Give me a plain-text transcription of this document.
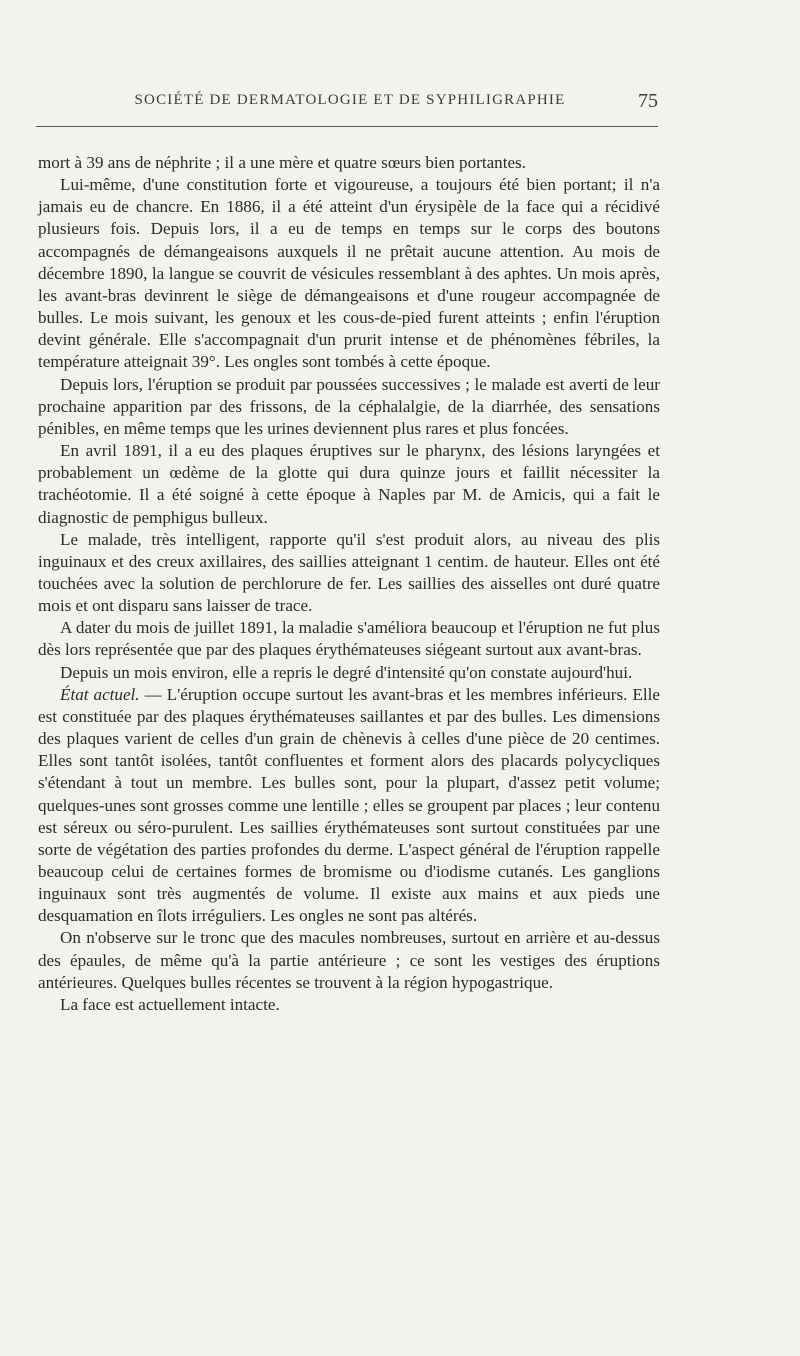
SOCIÉTÉ DE DERMATOLOGIE ET DE SYPHILIGRAPHIE	75

mort à 39 ans de néphrite ; il a une mère et quatre sœurs bien portantes.

Lui-même, d'une constitution forte et vigoureuse, a toujours été bien portant; il n'a jamais eu de chancre. En 1886, il a été atteint d'un érysipèle de la face qui a récidivé plusieurs fois. Depuis lors, il a eu de temps en temps sur le corps des boutons accompagnés de démangeaisons auxquels il ne prêtait aucune attention. Au mois de décembre 1890, la langue se couvrit de vésicules ressemblant à des aphtes. Un mois après, les avant-bras devinrent le siège de démangeaisons et d'une rougeur accompagnée de bulles. Le mois suivant, les genoux et les cous-de-pied furent atteints ; enfin l'éruption devint générale. Elle s'accompagnait d'un prurit intense et de phénomènes fébriles, la température atteignait 39°. Les ongles sont tombés à cette époque.

Depuis lors, l'éruption se produit par poussées successives ; le malade est averti de leur prochaine apparition par des frissons, de la céphalalgie, de la diarrhée, des sensations pénibles, en même temps que les urines deviennent plus rares et plus foncées.

En avril 1891, il a eu des plaques éruptives sur le pharynx, des lésions laryngées et probablement un œdème de la glotte qui dura quinze jours et faillit nécessiter la trachéotomie. Il a été soigné à cette époque à Naples par M. de Amicis, qui a fait le diagnostic de pemphigus bulleux.

Le malade, très intelligent, rapporte qu'il s'est produit alors, au niveau des plis inguinaux et des creux axillaires, des saillies atteignant 1 centim. de hauteur. Elles ont été touchées avec la solution de perchlorure de fer. Les saillies des aisselles ont duré quatre mois et ont disparu sans laisser de trace.

A dater du mois de juillet 1891, la maladie s'améliora beaucoup et l'éruption ne fut plus dès lors représentée que par des plaques érythémateuses siégeant surtout aux avant-bras.

Depuis un mois environ, elle a repris le degré d'intensité qu'on constate aujourd'hui.

État actuel. — L'éruption occupe surtout les avant-bras et les membres inférieurs. Elle est constituée par des plaques érythémateuses saillantes et par des bulles. Les dimensions des plaques varient de celles d'un grain de chènevis à celles d'une pièce de 20 centimes. Elles sont tantôt isolées, tantôt confluentes et forment alors des placards polycycliques s'étendant à tout un membre. Les bulles sont, pour la plupart, d'assez petit volume; quelques-unes sont grosses comme une lentille ; elles se groupent par places ; leur contenu est séreux ou séro-purulent. Les saillies érythémateuses sont surtout constituées par une sorte de végétation des parties profondes du derme. L'aspect général de l'éruption rappelle beaucoup celui de certaines formes de bromisme ou d'iodisme cutanés. Les ganglions inguinaux sont très augmentés de volume. Il existe aux mains et aux pieds une desquamation en îlots irréguliers. Les ongles ne sont pas altérés.

On n'observe sur le tronc que des macules nombreuses, surtout en arrière et au-dessus des épaules, de même qu'à la partie antérieure ; ce sont les vestiges des éruptions antérieures. Quelques bulles récentes se trouvent à la région hypogastrique.

La face est actuellement intacte.
